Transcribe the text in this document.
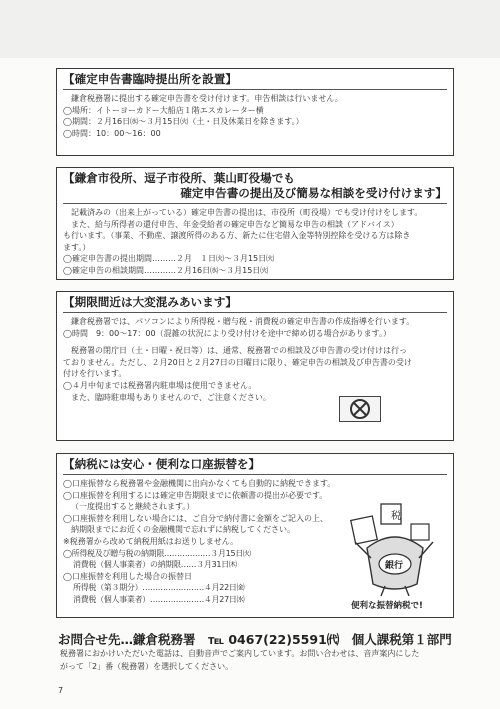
【確定申告書臨時提出所を設置】
鎌倉税務署に提出する確定申告書を受け付けます。申告相談は行いません。
◯場所：イトーヨーカドー大船店１階エスカレーター横
◯期間：２月16日㈬～３月15日㈫（土・日及休業日を除きます。）
◯時間：10：00～16：00
【鎌倉市役所、逗子市役所、葉山町役場でも
確定申告書の提出及び簡易な相談を受け付けます】
記載済みの（出来上がっている）確定申告書の提出は、市役所（町役場）でも受け付けをします。
また、給与所得者の還付申告、年金受給者の確定申告など簡易な申告の相談（アドバイス）
も行います。（事業、不動産、譲渡所得のある方、新たに住宅借入金等特別控除を受ける方は除き
ます。）
◯確定申告書の提出期間………２月　１日㈫～３月15日㈫
◯確定申告の相談期間…………２月16日㈬～３月15日㈫
【期限間近は大変混みあいます】
鎌倉税務署では、パソコンにより所得税・贈与税・消費税の確定申告書の作成指導を行います。
◯時間　9：00～17：00（混雑の状況により受け付けを途中で締め切る場合があります。）
税務署の閉庁日（土・日曜・祝日等）は、通常、税務署での相談及び申告書の受け付けは行っ
ておりません。ただし、２月20日と２月27日の日曜日に限り、確定申告の相談及び申告書の受け
付けを行います。
◯４月中旬までは税務署内駐車場は使用できません。
また、臨時駐車場もありませんので、ご注意ください。
【納税には安心・便利な口座振替を】
◯口座振替なら税務署や金融機関に出向かなくても自動的に納税できます。
◯口座振替を利用するには確定申告期限までに依頼書の提出が必要です。
（一度提出すると継続されます。）
◯口座振替を利用しない場合には、ご自分で納付書に金額をご記入の上、
納期限までにお近くの金融機関で忘れずに納税してください。
※税務署から改めて納税用紙はお送りしません。
◯所得税及び贈与税の納期限………………３月15日㈫
消費税（個人事業者）の納期限……３月31日㈭
◯口座振替を利用した場合の振替日
所得税（第３期分）……………………４月22日㈮
消費税（個人事業者）…………………４月27日㈬
税
銀行
便利な振替納税で!
お問合せ先…鎌倉税務署　℡ 0467(22)5591㈹　個人課税第１部門
税務署におかけいただいた電話は、自動音声でご案内しています。お問い合わせは、音声案内にした
がって「2」番（税務署）を選択してください。
7
